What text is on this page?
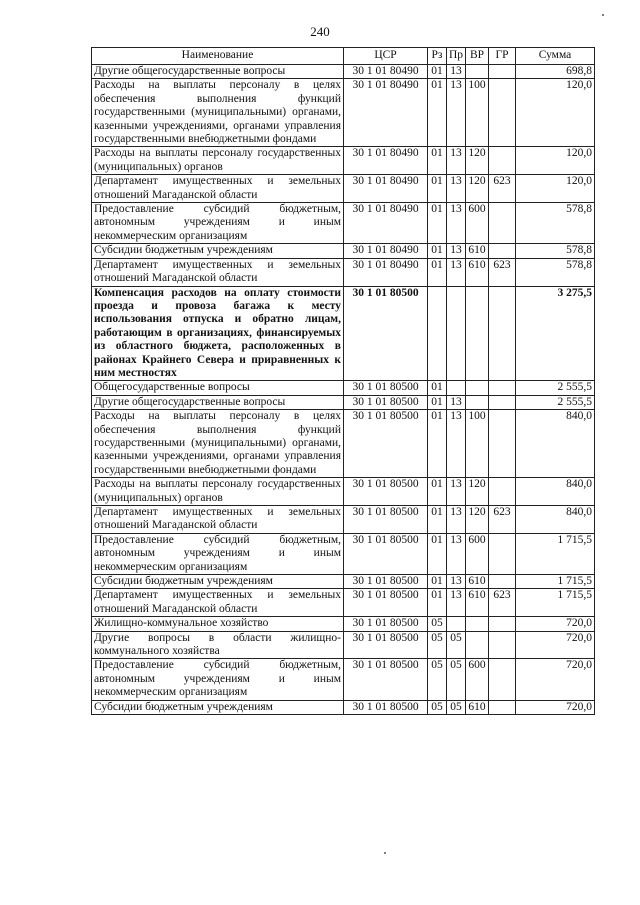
240
Наименование	ЦСР	Рз	Пр	ВР	ГР	Сумма
Другие общегосударственные вопросы	30 1 01 80490	01	13			698,8
Расходы на выплаты персоналу в целях обеспечения выполнения функций государственными (муниципальными) органами, казенными учреждениями, органами управления государственными внебюджетными фондами	30 1 01 80490	01	13	100		120,0
Расходы на выплаты персоналу государственных (муниципальных) органов	30 1 01 80490	01	13	120		120,0
Департамент имущественных и земельных отношений Магаданской области	30 1 01 80490	01	13	120	623	120,0
Предоставление субсидий бюджетным, автономным учреждениям и иным некоммерческим организациям	30 1 01 80490	01	13	600		578,8
Субсидии бюджетным учреждениям	30 1 01 80490	01	13	610		578,8
Департамент имущественных и земельных отношений Магаданской области	30 1 01 80490	01	13	610	623	578,8
Компенсация расходов на оплату стоимости проезда и провоза багажа к месту использования отпуска и обратно лицам, работающим в организациях, финансируемых из областного бюджета, расположенных в районах Крайнего Севера и приравненных к ним местностях	30 1 01 80500					3 275,5
Общегосударственные вопросы	30 1 01 80500	01				2 555,5
Другие общегосударственные вопросы	30 1 01 80500	01	13			2 555,5
Расходы на выплаты персоналу в целях обеспечения выполнения функций государственными (муниципальными) органами, казенными учреждениями, органами управления государственными внебюджетными фондами	30 1 01 80500	01	13	100		840,0
Расходы на выплаты персоналу государственных (муниципальных) органов	30 1 01 80500	01	13	120		840,0
Департамент имущественных и земельных отношений Магаданской области	30 1 01 80500	01	13	120	623	840,0
Предоставление субсидий бюджетным, автономным учреждениям и иным некоммерческим организациям	30 1 01 80500	01	13	600		1 715,5
Субсидии бюджетным учреждениям	30 1 01 80500	01	13	610		1 715,5
Департамент имущественных и земельных отношений Магаданской области	30 1 01 80500	01	13	610	623	1 715,5
Жилищно-коммунальное хозяйство	30 1 01 80500	05				720,0
Другие вопросы в области жилищно-коммунального хозяйства	30 1 01 80500	05	05			720,0
Предоставление субсидий бюджетным, автономным учреждениям и иным некоммерческим организациям	30 1 01 80500	05	05	600		720,0
Субсидии бюджетным учреждениям	30 1 01 80500	05	05	610		720,0
